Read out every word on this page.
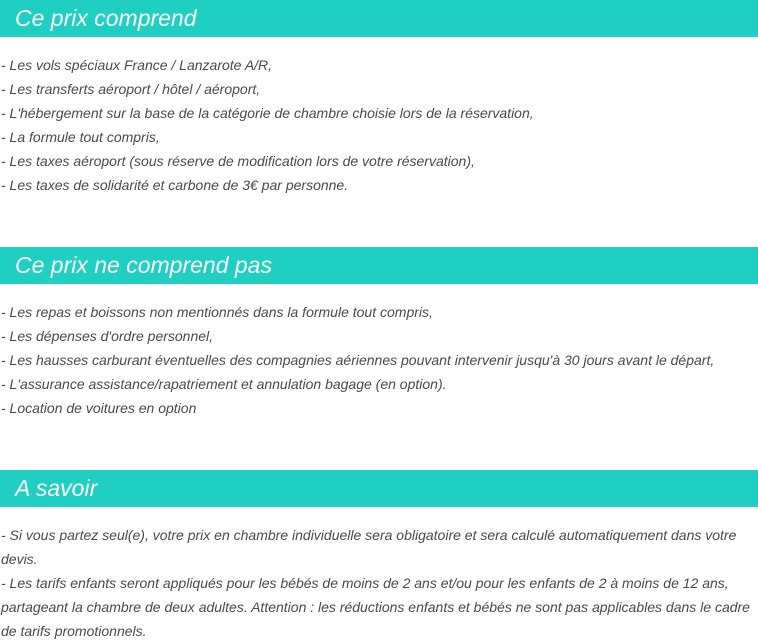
Ce prix comprend
- Les vols spéciaux France / Lanzarote A/R,
- Les transferts aéroport / hôtel / aéroport,
- L'hébergement sur la base de la catégorie de chambre choisie lors de la réservation,
- La formule tout compris,
- Les taxes aéroport (sous réserve de modification lors de votre réservation),
- Les taxes de solidarité et carbone de 3€ par personne.
Ce prix ne comprend pas
- Les repas et boissons non mentionnés dans la formule tout compris,
- Les dépenses d'ordre personnel,
- Les hausses carburant éventuelles des compagnies aériennes pouvant intervenir jusqu'à 30 jours avant le départ,
- L'assurance assistance/rapatriement et annulation bagage (en option).
- Location de voitures en option
A savoir
- Si vous partez seul(e), votre prix en chambre individuelle sera obligatoire et sera calculé automatiquement dans votre devis.
- Les tarifs enfants seront appliqués pour les bébés de moins de 2 ans et/ou pour les enfants de 2 à moins de 12 ans, partageant la chambre de deux adultes. Attention : les réductions enfants et bébés ne sont pas applicables dans le cadre de tarifs promotionnels.
